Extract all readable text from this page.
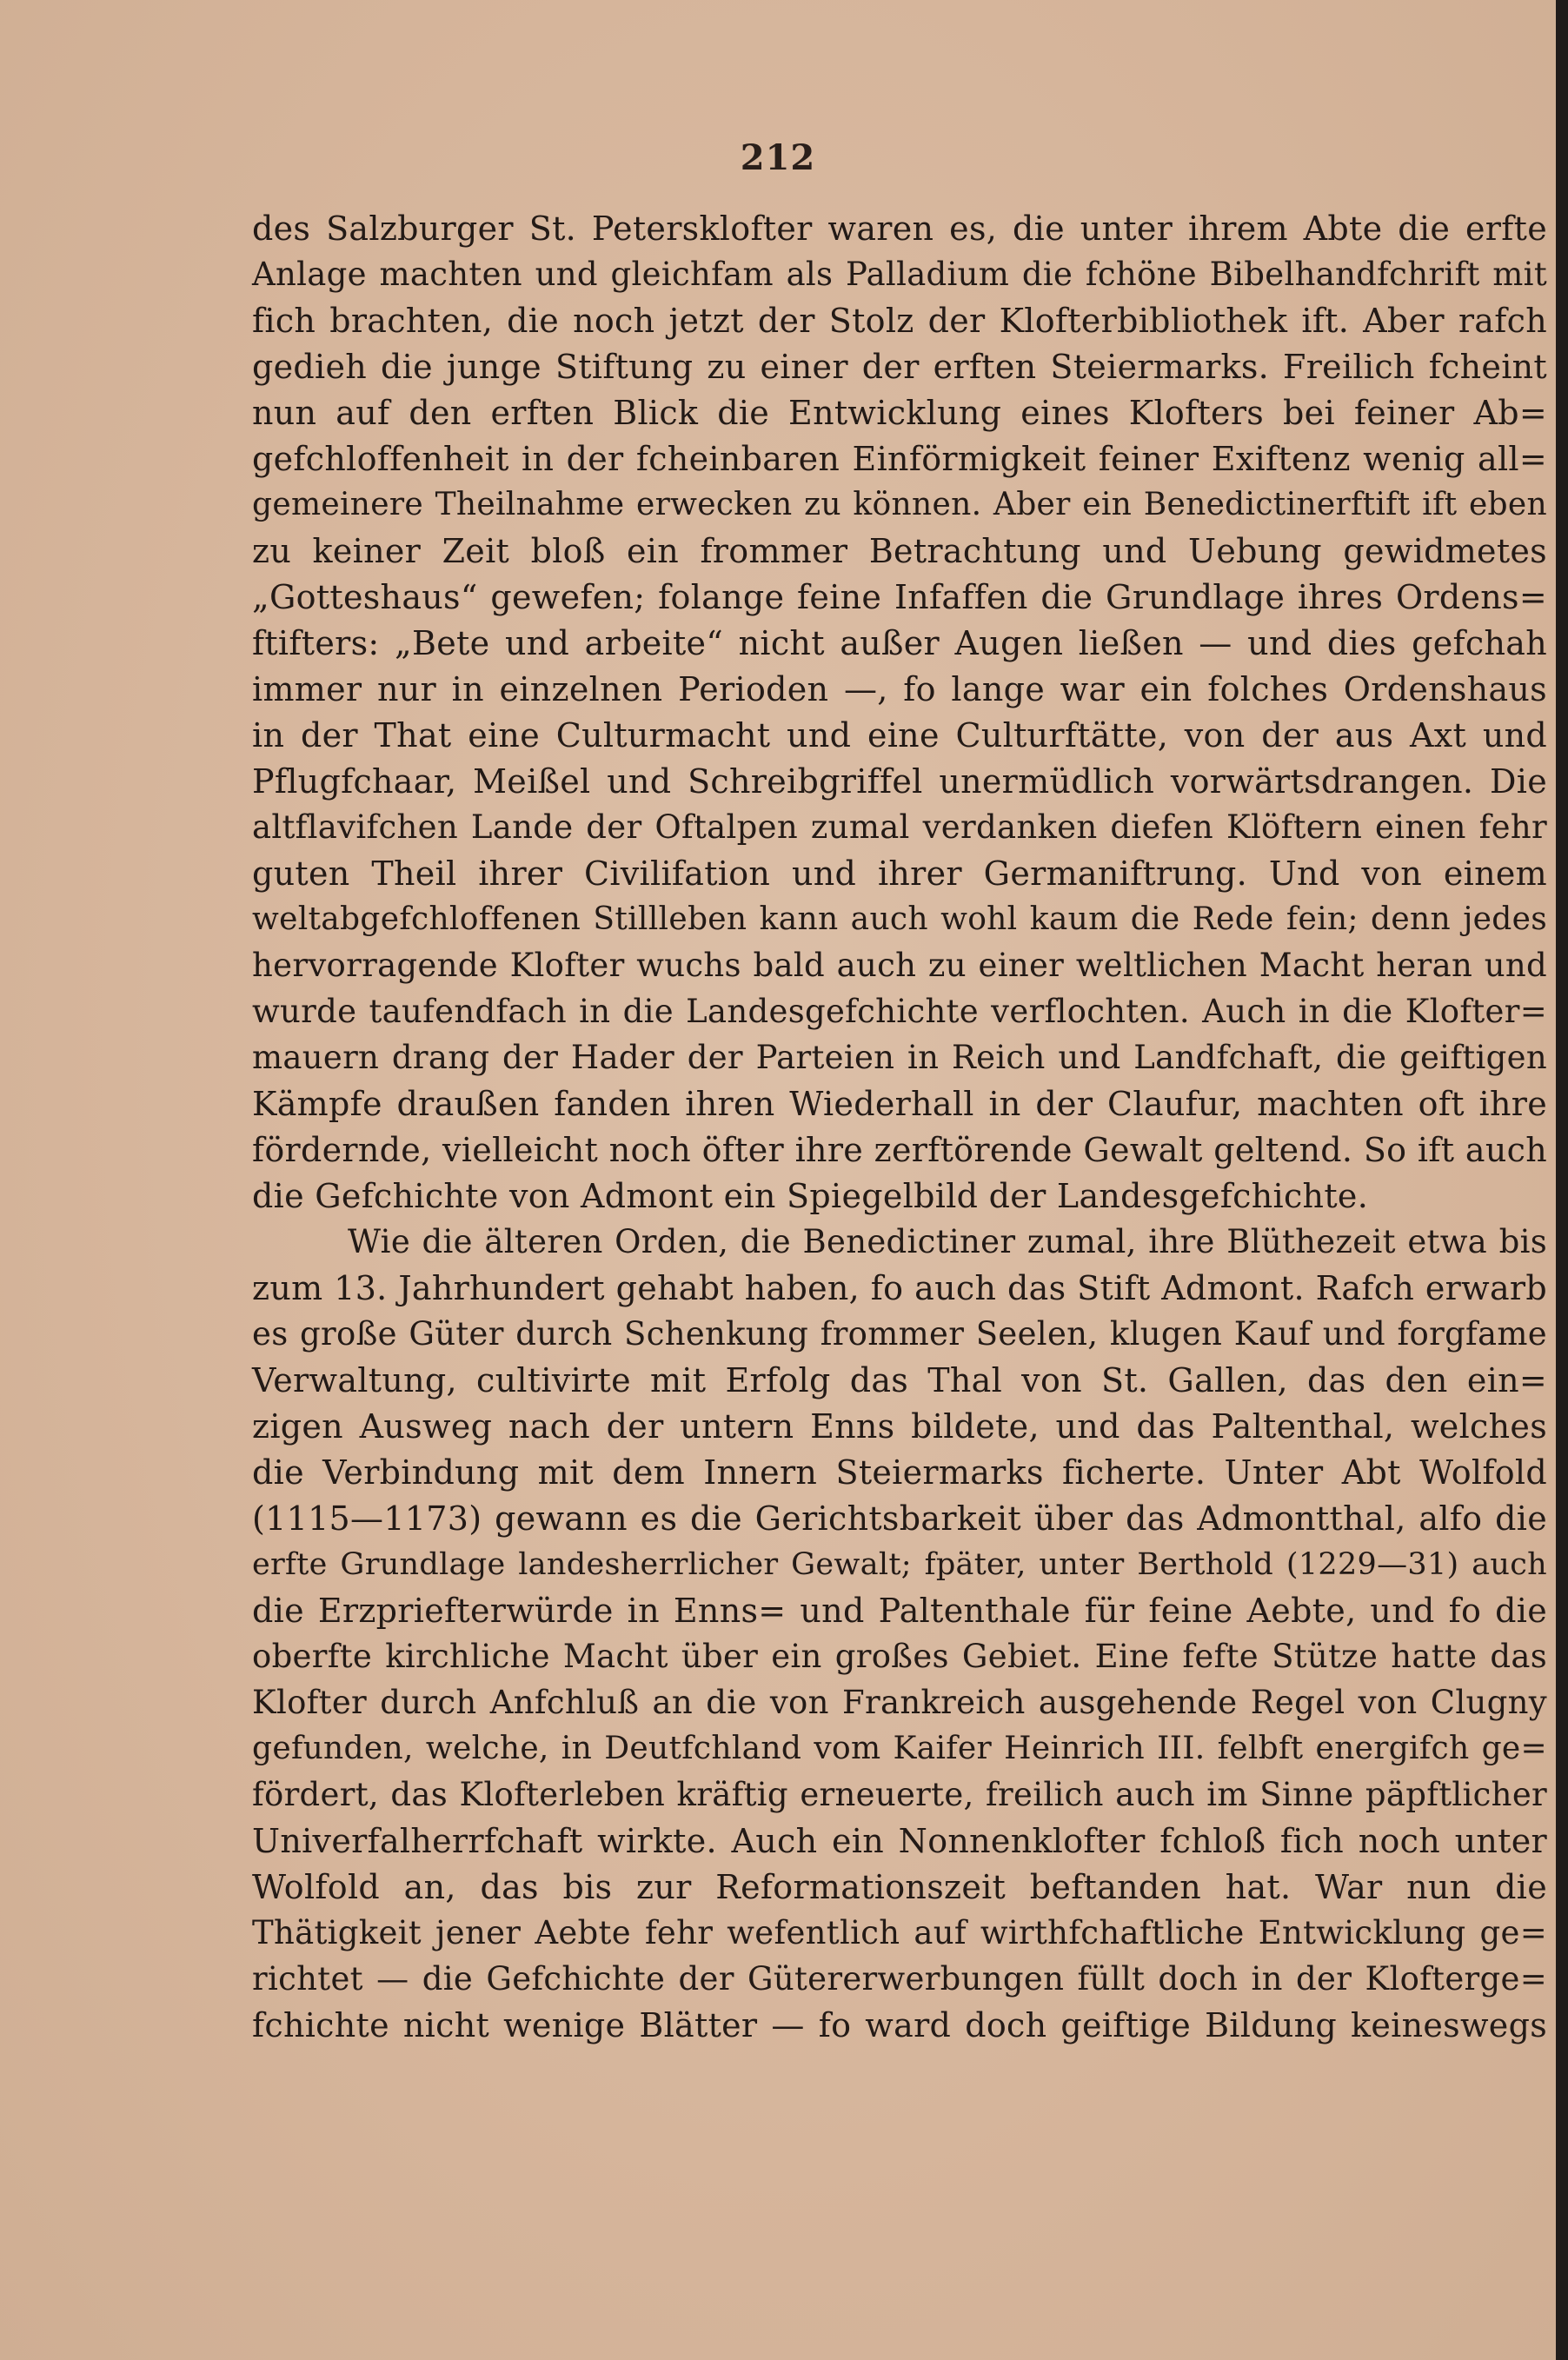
212
des Salzburger St. Petersklofter waren es, die unter ihrem Abte die erfte
Anlage machten und gleichfam als Palladium die fchöne Bibelhandfchrift mit
fich brachten, die noch jetzt der Stolz der Klofterbibliothek ift. Aber rafch
gedieh die junge Stiftung zu einer der erften Steiermarks. Freilich fcheint
nun auf den erften Blick die Entwicklung eines Klofters bei feiner Ab=
gefchloffenheit in der fcheinbaren Einförmigkeit feiner Exiftenz wenig all=
gemeinere Theilnahme erwecken zu können. Aber ein Benedictinerftift ift eben
zu keiner Zeit bloß ein frommer Betrachtung und Uebung gewidmetes
„Gotteshaus“ gewefen; folange feine Infaffen die Grundlage ihres Ordens=
ftifters: „Bete und arbeite“ nicht außer Augen ließen — und dies gefchah
immer nur in einzelnen Perioden —, fo lange war ein folches Ordenshaus
in der That eine Culturmacht und eine Culturftätte, von der aus Axt und
Pflugfchaar, Meißel und Schreibgriffel unermüdlich vorwärtsdrangen. Die
altflavifchen Lande der Oftalpen zumal verdanken diefen Klöftern einen fehr
guten Theil ihrer Civilifation und ihrer Germaniftrung. Und von einem
weltabgefchloffenen Stillleben kann auch wohl kaum die Rede fein; denn jedes
hervorragende Klofter wuchs bald auch zu einer weltlichen Macht heran und
wurde taufendfach in die Landesgefchichte verflochten. Auch in die Klofter=
mauern drang der Hader der Parteien in Reich und Landfchaft, die geiftigen
Kämpfe draußen fanden ihren Wiederhall in der Claufur, machten oft ihre
fördernde, vielleicht noch öfter ihre zerftörende Gewalt geltend. So ift auch
die Gefchichte von Admont ein Spiegelbild der Landesgefchichte.
Wie die älteren Orden, die Benedictiner zumal, ihre Blüthezeit etwa bis
zum 13. Jahrhundert gehabt haben, fo auch das Stift Admont. Rafch erwarb
es große Güter durch Schenkung frommer Seelen, klugen Kauf und forgfame
Verwaltung, cultivirte mit Erfolg das Thal von St. Gallen, das den ein=
zigen Ausweg nach der untern Enns bildete, und das Paltenthal, welches
die Verbindung mit dem Innern Steiermarks ficherte. Unter Abt Wolfold
(1115—1173) gewann es die Gerichtsbarkeit über das Admontthal, alfo die
erfte Grundlage landesherrlicher Gewalt; fpäter, unter Berthold (1229—31) auch
die Erzpriefterwürde in Enns= und Paltenthale für feine Aebte, und fo die
oberfte kirchliche Macht über ein großes Gebiet. Eine fefte Stütze hatte das
Klofter durch Anfchluß an die von Frankreich ausgehende Regel von Clugny
gefunden, welche, in Deutfchland vom Kaifer Heinrich III. felbft energifch ge=
fördert, das Klofterleben kräftig erneuerte, freilich auch im Sinne päpftlicher
Univerfalherrfchaft wirkte. Auch ein Nonnenklofter fchloß fich noch unter
Wolfold an, das bis zur Reformationszeit beftanden hat. War nun die
Thätigkeit jener Aebte fehr wefentlich auf wirthfchaftliche Entwicklung ge=
richtet — die Gefchichte der Gütererwerbungen füllt doch in der Klofterge=
fchichte nicht wenige Blätter — fo ward doch geiftige Bildung keineswegs
